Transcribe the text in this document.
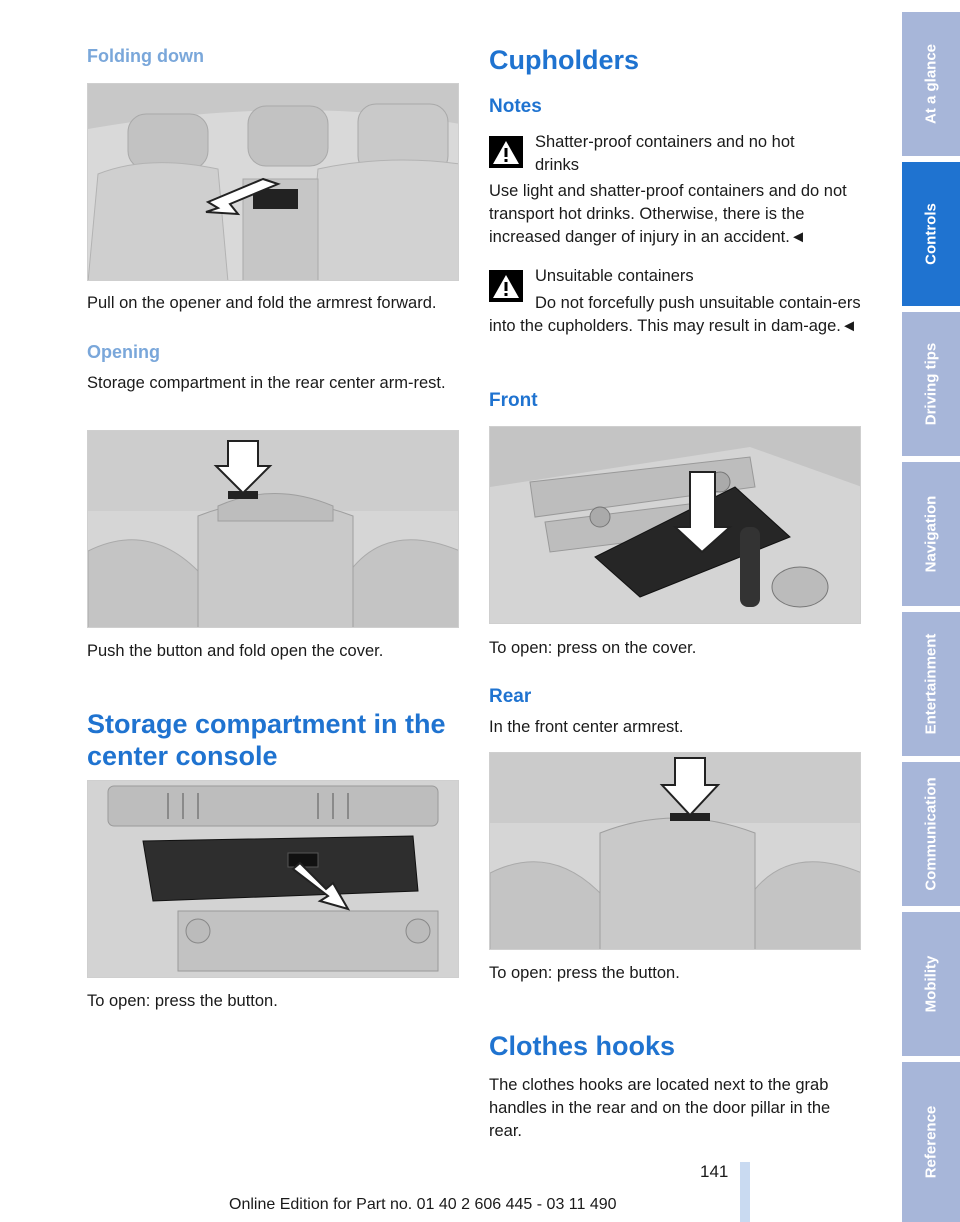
Folding down
Pull on the opener and fold the armrest forward.
Opening
Storage compartment in the rear center arm-rest.
Push the button and fold open the cover.
Storage compartment in the center console
To open: press the button.
Cupholders
Notes
Shatter-proof containers and no hot drinks
Use light and shatter-proof containers and do not transport hot drinks. Otherwise, there is the increased danger of injury in an accident.◄
Unsuitable containers
Do not forcefully push unsuitable contain-ers into the cupholders. This may result in dam-age.◄
Front
To open: press on the cover.
Rear
In the front center armrest.
To open: press the button.
Clothes hooks
The clothes hooks are located next to the grab handles in the rear and on the door pillar in the rear.
At a glance
Controls
Driving tips
Navigation
Entertainment
Communication
Mobility
Reference
141
Online Edition for Part no. 01 40 2 606 445 - 03 11 490
